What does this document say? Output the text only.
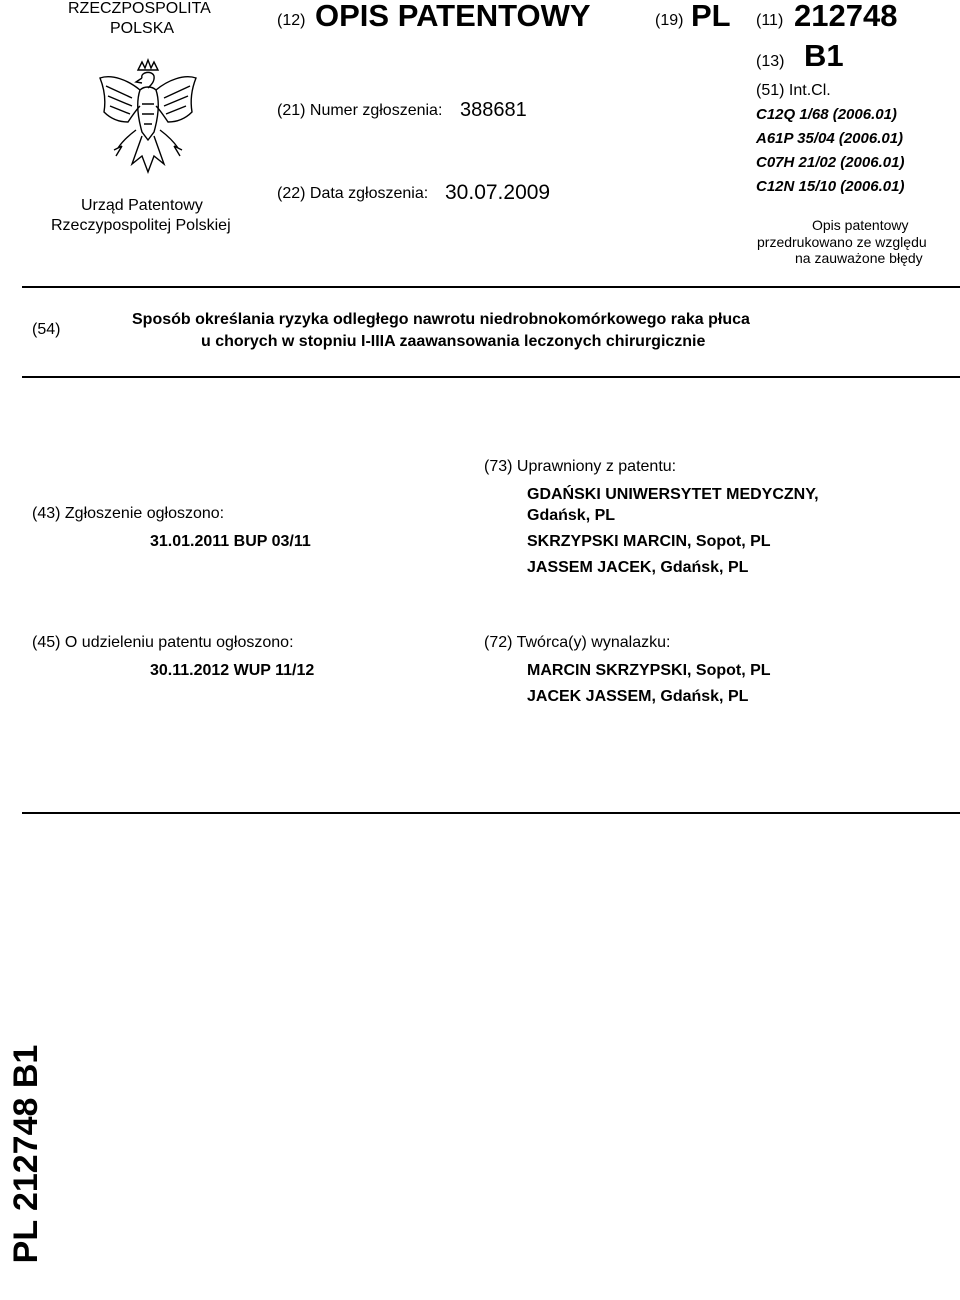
RZECZPOSPOLITA
POLSKA
Urząd Patentowy
Rzeczypospolitej Polskiej
(12) OPIS PATENTOWY
(21) Numer zgłoszenia: 388681
(22) Data zgłoszenia: 30.07.2009
(19) PL (11) 212748
(13) B1
(51) Int.Cl.
C12Q 1/68 (2006.01)
A61P 35/04 (2006.01)
C07H 21/02 (2006.01)
C12N 15/10 (2006.01)
Opis patentowy
przedrukowano ze względu
na zauważone błędy
(54)
Sposób określania ryzyka odległego nawrotu niedrobnokomórkowego raka płuca
u chorych w stopniu I-IIIA zaawansowania leczonych chirurgicznie
(43) Zgłoszenie ogłoszono:
31.01.2011 BUP 03/11
(73) Uprawniony z patentu:
GDAŃSKI UNIWERSYTET MEDYCZNY,
Gdańsk, PL
SKRZYPSKI MARCIN, Sopot, PL
JASSEM JACEK, Gdańsk, PL
(45) O udzieleniu patentu ogłoszono:
30.11.2012 WUP 11/12
(72) Twórca(y) wynalazku:
MARCIN SKRZYPSKI, Sopot, PL
JACEK JASSEM, Gdańsk, PL
PL 212748 B1
